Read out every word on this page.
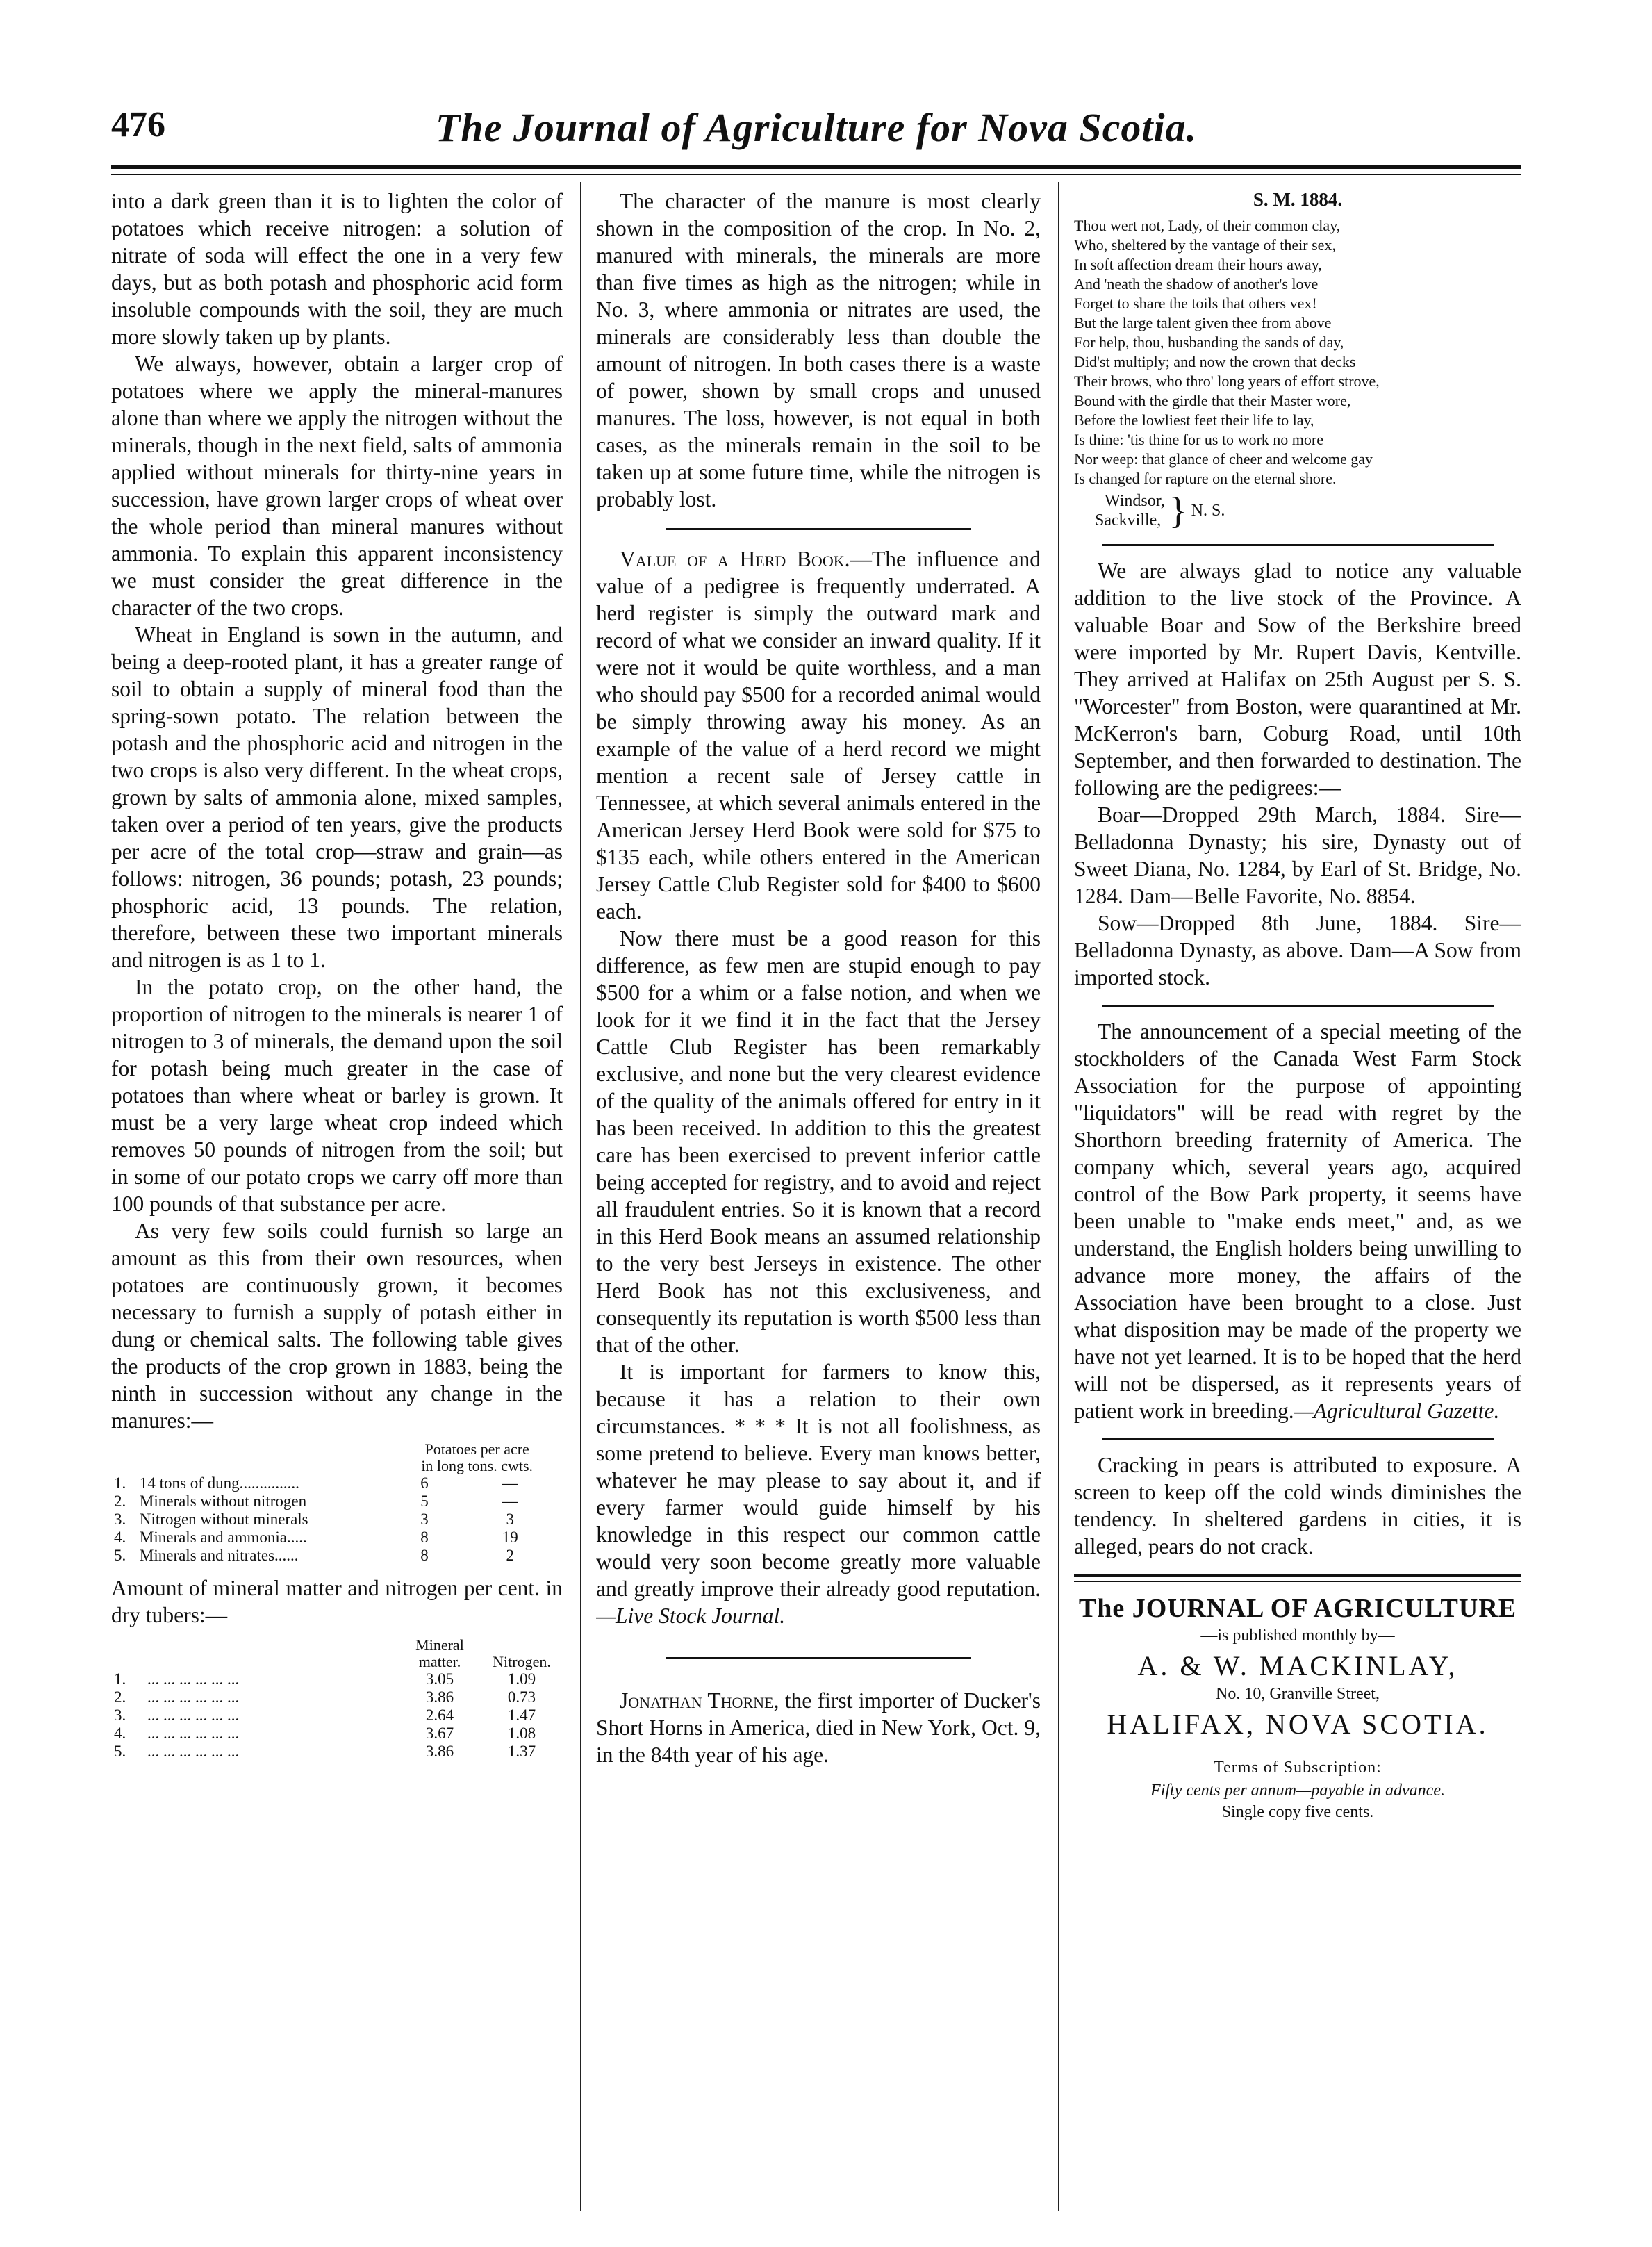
476	The Journal of Agriculture for Nova Scotia.

into a dark green than it is to lighten the color of potatoes which receive nitrogen: a solution of nitrate of soda will effect the one in a very few days, but as both potash and phosphoric acid form insoluble compounds with the soil, they are much more slowly taken up by plants.

We always, however, obtain a larger crop of potatoes where we apply the mineral-manures alone than where we apply the nitrogen without the minerals, though in the next field, salts of ammonia applied without minerals for thirty-nine years in succession, have grown larger crops of wheat over the whole period than mineral manures without ammonia. To explain this apparent inconsistency we must consider the great difference in the character of the two crops.

Wheat in England is sown in the autumn, and being a deep-rooted plant, it has a greater range of soil to obtain a supply of mineral food than the spring-sown potato. The relation between the potash and the phosphoric acid and nitrogen in the two crops is also very different. In the wheat crops, grown by salts of ammonia alone, mixed samples, taken over a period of ten years, give the products per acre of the total crop—straw and grain—as follows: nitrogen, 36 pounds; potash, 23 pounds; phosphoric acid, 13 pounds. The relation, therefore, between these two important minerals and nitrogen is as 1 to 1.

In the potato crop, on the other hand, the proportion of nitrogen to the minerals is nearer 1 of nitrogen to 3 of minerals, the demand upon the soil for potash being much greater in the case of potatoes than where wheat or barley is grown. It must be a very large wheat crop indeed which removes 50 pounds of nitrogen from the soil; but in some of our potato crops we carry off more than 100 pounds of that substance per acre.

As very few soils could furnish so large an amount as this from their own resources, when potatoes are continuously grown, it becomes necessary to furnish a supply of potash either in dung or chemical salts. The following table gives the products of the crop grown in 1883, being the ninth in succession without any change in the manures:—

		Potatoes per acre	
		in long tons. cwts.	
1.	14 tons of dung...............	6	—
2.	Minerals without nitrogen	5	—
3.	Nitrogen without minerals	3	3
4.	Minerals and ammonia.....	8	19
5.	Minerals and nitrates......	8	2

Amount of mineral matter and nitrogen per cent. in dry tubers:—

		Mineral matter.	Nitrogen.
1.	... ... ... ... ... ...	3.05	1.09
2.	... ... ... ... ... ...	3.86	0.73
3.	... ... ... ... ... ...	2.64	1.47
4.	... ... ... ... ... ...	3.67	1.08
5.	... ... ... ... ... ...	3.86	1.37

The character of the manure is most clearly shown in the composition of the crop. In No. 2, manured with minerals, the minerals are more than five times as high as the nitrogen; while in No. 3, where ammonia or nitrates are used, the minerals are considerably less than double the amount of nitrogen. In both cases there is a waste of power, shown by small crops and unused manures. The loss, however, is not equal in both cases, as the minerals remain in the soil to be taken up at some future time, while the nitrogen is probably lost.

Value of a Herd Book.—The influence and value of a pedigree is frequently underrated. A herd register is simply the outward mark and record of what we consider an inward quality. If it were not it would be quite worthless, and a man who should pay $500 for a recorded animal would be simply throwing away his money. As an example of the value of a herd record we might mention a recent sale of Jersey cattle in Tennessee, at which several animals entered in the American Jersey Herd Book were sold for $75 to $135 each, while others entered in the American Jersey Cattle Club Register sold for $400 to $600 each.

Now there must be a good reason for this difference, as few men are stupid enough to pay $500 for a whim or a false notion, and when we look for it we find it in the fact that the Jersey Cattle Club Register has been remarkably exclusive, and none but the very clearest evidence of the quality of the animals offered for entry in it has been received. In addition to this the greatest care has been exercised to prevent inferior cattle being accepted for registry, and to avoid and reject all fraudulent entries. So it is known that a record in this Herd Book means an assumed relationship to the very best Jerseys in existence. The other Herd Book has not this exclusiveness, and consequently its reputation is worth $500 less than that of the other.

It is important for farmers to know this, because it has a relation to their own circumstances. * * * It is not all foolishness, as some pretend to believe. Every man knows better, whatever he may please to say about it, and if every farmer would guide himself by his knowledge in this respect our common cattle would very soon become greatly more valuable and greatly improve their already good reputation.—Live Stock Journal.

Jonathan Thorne, the first importer of Ducker's Short Horns in America, died in New York, Oct. 9, in the 84th year of his age.

S. M. 1884.

Thou wert not, Lady, of their common clay,

Who, sheltered by the vantage of their sex,

In soft affection dream their hours away,

And 'neath the shadow of another's love

Forget to share the toils that others vex!

But the large talent given thee from above

For help, thou, husbanding the sands of day,

Did'st multiply; and now the crown that decks

Their brows, who thro' long years of effort strove,

Bound with the girdle that their Master wore,

Before the lowliest feet their life to lay,

Is thine: 'tis thine for us to work no more

Nor weep: that glance of cheer and welcome gay

Is changed for rapture on the eternal shore.

Windsor,
Sackville, } N. S.

We are always glad to notice any valuable addition to the live stock of the Province. A valuable Boar and Sow of the Berkshire breed were imported by Mr. Rupert Davis, Kentville. They arrived at Halifax on 25th August per S. S. "Worcester" from Boston, were quarantined at Mr. McKerron's barn, Coburg Road, until 10th September, and then forwarded to destination. The following are the pedigrees:—

Boar—Dropped 29th March, 1884. Sire—Belladonna Dynasty; his sire, Dynasty out of Sweet Diana, No. 1284, by Earl of St. Bridge, No. 1284. Dam—Belle Favorite, No. 8854.

Sow—Dropped 8th June, 1884. Sire—Belladonna Dynasty, as above. Dam—A Sow from imported stock.

The announcement of a special meeting of the stockholders of the Canada West Farm Stock Association for the purpose of appointing "liquidators" will be read with regret by the Shorthorn breeding fraternity of America. The company which, several years ago, acquired control of the Bow Park property, it seems have been unable to "make ends meet," and, as we understand, the English holders being unwilling to advance more money, the affairs of the Association have been brought to a close. Just what disposition may be made of the property we have not yet learned. It is to be hoped that the herd will not be dispersed, as it represents years of patient work in breeding.—Agricultural Gazette.

Cracking in pears is attributed to exposure. A screen to keep off the cold winds diminishes the tendency. In sheltered gardens in cities, it is alleged, pears do not crack.

The JOURNAL OF AGRICULTURE
—is published monthly by—
A. & W. MACKINLAY,
No. 10, Granville Street,
HALIFAX, NOVA SCOTIA.
Terms of Subscription:
Fifty cents per annum—payable in advance.
Single copy five cents.
